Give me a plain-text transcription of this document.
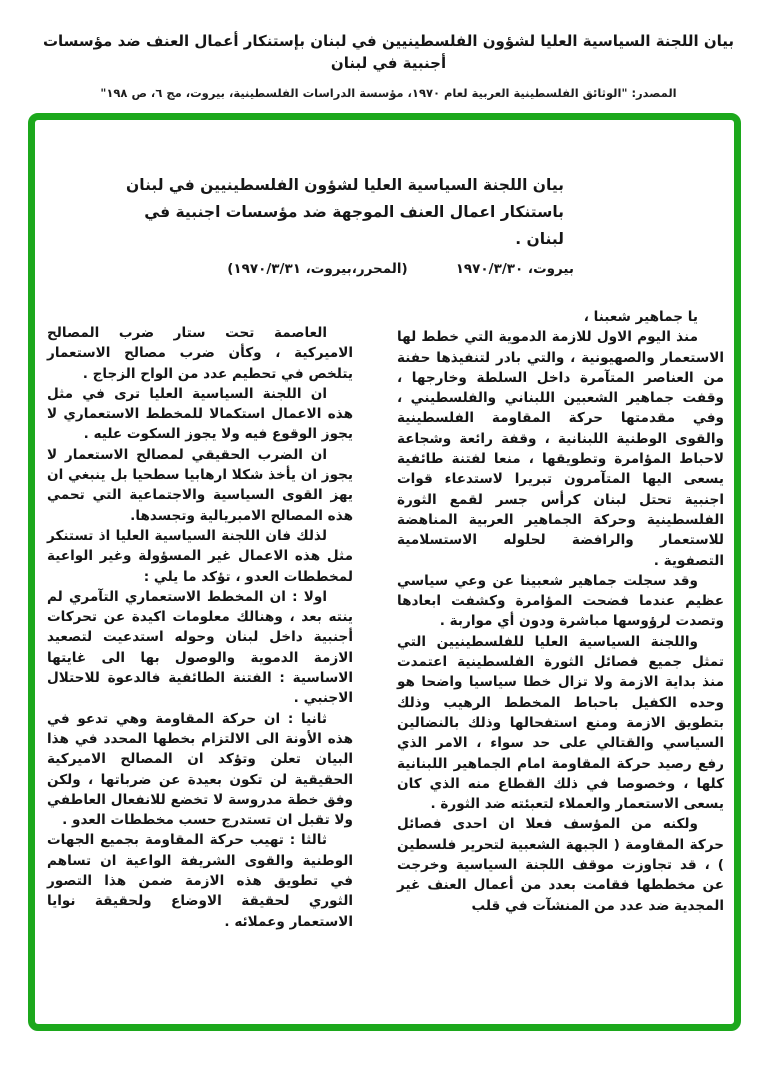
بيان اللجنة السياسية العليا لشؤون الفلسطينيين في لبنان بإستنكار أعمال العنف ضد مؤسسات أجنبية في لبنان
المصدر: "الوثائق الفلسطينية العربية لعام ١٩٧٠، مؤسسة الدراسات الفلسطينية، بيروت، مج ٦، ص ١٩٨"
بيان اللجنة السياسية العليا لشؤون الفلسطينيين في لبنان
باستنكار اعمال العنف الموجهة ضد مؤسسات اجنبية في
لبنان .
بيروت، ١٩٧٠/٣/٣٠
(المحرر،بيروت، ١٩٧٠/٣/٣١)

يا جماهير شعبنا ،

منذ اليوم الاول للازمة الدموية التي خطط لها الاستعمار والصهيونية ، والتي بادر لتنفيذها حفنة من العناصر المتآمرة داخل السلطة وخارجها ، وقفت جماهير الشعبين اللبناني والفلسطيني ، وفي مقدمتها حركة المقاومة الفلسطينية والقوى الوطنية اللبنانية ، وقفة رائعة وشجاعة لاحباط المؤامرة وتطويقها ، منعا لفتنة طائفية يسعى اليها المتآمرون تبريرا لاستدعاء قوات اجنبية تحتل لبنان كرأس جسر لقمع الثورة الفلسطينية وحركة الجماهير العربية المناهضة للاستعمار والرافضة لحلوله الاستسلامية التصفوية .

وقد سجلت جماهير شعبينا عن وعي سياسي عظيم عندما فضحت المؤامرة وكشفت ابعادها وتصدت لرؤوسها مباشرة ودون أي مواربة .

واللجنة السياسية العليا للفلسطينيين التي تمثل جميع فصائل الثورة الفلسطينية اعتمدت منذ بداية الازمة ولا تزال خطا سياسيا واضحا هو وحده الكفيل باحباط المخطط الرهيب وذلك بتطويق الازمة ومنع استفحالها وذلك بالنضالين السياسي والقتالي على حد سواء ، الامر الذي رفع رصيد حركة المقاومة امام الجماهير اللبنانية كلها ، وخصوصا في ذلك القطاع منه الذي كان يسعى الاستعمار والعملاء لتعبئته ضد الثورة .

ولكنه من المؤسف فعلا ان احدى فصائل حركة المقاومة ( الجبهة الشعبية لتحرير فلسطين ) ، قد تجاوزت موقف اللجنة السياسية وخرجت عن مخططها فقامت بعدد من أعمال العنف غير المجدية ضد عدد من المنشآت في قلب

العاصمة تحت ستار ضرب المصالح الاميركية ، وكأن ضرب مصالح الاستعمار يتلخص في تحطيم عدد من الواح الزجاج .

ان اللجنة السياسية العليا ترى في مثل هذه الاعمال استكمالا للمخطط الاستعماري لا يجوز الوقوع فيه ولا يجوز السكوت عليه .

ان الضرب الحقيقي لمصالح الاستعمار لا يجوز ان يأخذ شكلا ارهابيا سطحيا بل ينبغي ان يهز القوى السياسية والاجتماعية التي تحمي هذه المصالح الامبريالية وتجسدها.

لذلك فان اللجنة السياسية العليا اذ تستنكر مثل هذه الاعمال غير المسؤولة وغير الواعية لمخططات العدو ، تؤكد ما يلي :

اولا : ان المخطط الاستعماري التآمري لم ينته بعد ، وهنالك معلومات اكيدة عن تحركات أجنبية داخل لبنان وحوله استدعيت لتصعيد الازمة الدموية والوصول بها الى غايتها الاساسية : الفتنة الطائفية فالدعوة للاحتلال الاجنبي .

ثانيا : ان حركة المقاومة وهي تدعو في هذه الأونة الى الالتزام بخطها المحدد في هذا البيان تعلن وتؤكد ان المصالح الاميركية الحقيقية لن تكون بعيدة عن ضرباتها ، ولكن وفق خطة مدروسة لا تخضع للانفعال العاطفي ولا تقبل ان تستدرج حسب مخططات العدو .

ثالثا : تهيب حركة المقاومة بجميع الجهات الوطنية والقوى الشريفة الواعية ان تساهم في تطويق هذه الازمة ضمن هذا التصور الثوري لحقيقة الاوضاع ولحقيقة نوايا الاستعمار وعملائه .
